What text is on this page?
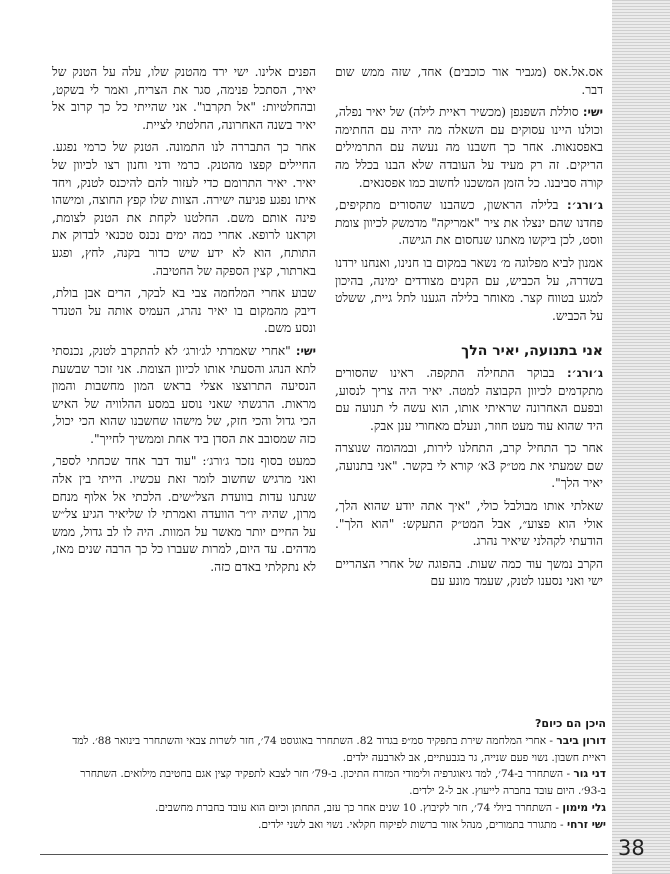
אס.אל.אס (מגביר אור כוכבים) אחד, שזה ממש שום דבר.

ישי: סוללת השפנפן (מכשיר ראיית לילה) של יאיר נפלה, וכולנו היינו עסוקים עם השאלה מה יהיה עם החתימה באפסנאות. אחר כך חשבנו מה נעשה עם התרמילים הריקים. זה רק מעיד על העובדה שלא הבנו בכלל מה קורה סביבנו. כל הזמן המשכנו לחשוב כמו אפסנאים.

ג׳ורג׳: בלילה הראשון, כשהבנו שהסורים מתקיפים, פחדנו שהם ינצלו את ציר "אמריקה" מדמשק לכיוון צומת ווסט, לכן ביקשו מאתנו שנחסום את הגישה.

אמנון לביא מפלוגה מ׳ נשאר במקום בו חנינו, ואנחנו ירדנו בשדרה, על הכביש, עם הקנים מצודדים ימינה, בהיכון למגע בטווח קצר. מאוחר בלילה הגענו לתל גיית, ששלט על הכביש.

אני בתנועה, יאיר הלך

ג׳ורג׳: בבוקר התחילה התקפה. ראינו שהסורים מתקדמים לכיוון הקבוצה למטה. יאיר היה צריך לנסוע, ובפעם האחרונה שראיתי אותו, הוא עשה לי תנועה עם היד שהוא עוד מעט חוזר, ונעלם מאחורי ענן אבק.

אחר כך התחיל קרב, התחלנו לירות, ובמהומה שנוצרה שם שמעתי את מט״ק 3א׳ קורא לי בקשר. "אני בתנועה, יאיר הלך".

שאלתי אותו מבולבל כולי, "איך אתה יודע שהוא הלך, אולי הוא פצוע״, אבל המט״ק התעקש: "הוא הלך". הודעתי לקהלני שיאיר נהרג.

הקרב נמשך עוד כמה שעות. בהפוגה של אחרי הצהריים ישי ואני נסענו לטנק, שעמד מונע עם

הפנים אלינו. ישי ירד מהטנק שלו, עלה על הטנק של יאיר, הסתכל פנימה, סגר את הצריח, ואמר לי בשקט, ובהחלטיות: "אל תקרבו". אני שהייתי כל כך קרוב אל יאיר בשנה האחרונה, החלטתי לציית.

אחר כך התבררה לנו התמונה. הטנק של כרמי נפגע. החיילים קפצו מהטנק. כרמי ודני וחנון רצו לכיוון של יאיר. יאיר התרומם כדי לעזור להם להיכנס לטנק, ויחד איתו נפגע פגיעה ישירה. הצוות שלו קפץ החוצה, ומישהו פינה אותם משם. החלטנו לקחת את הטנק לצומת, וקראנו לרופא. אחרי כמה ימים נכנס טכנאי לבדוק את התותח, הוא לא ידע שיש כדור בקנה, לחץ, ופגע בארתור, קצין הספקה של החטיבה.

שבוע אחרי המלחמה צבי בא לבקר, הרים אבן בולת, דיבק מהמקום בו יאיר נהרג, העמיס אותה על הטנדר ונסע משם.

ישי: "אחרי שאמרתי לג׳ורג׳ לא להתקרב לטנק, נכנסתי לתא הנהג והסעתי אותו לכיוון הצומת. אני זוכר שבשעת הנסיעה התרוצצו אצלי בראש המון מחשבות והמון מראות. הרגשתי שאני נוסע במסע ההלוויה של האיש הכי גדול והכי חזק, של מישהו שחשבנו שהוא הכי יכול, כזה שמסובב את הסדן ביד אחת וממשיך לחייך".

כמעט בסוף נזכר ג׳ורג׳: "עוד דבר אחד שכחתי לספר, ואני מרגיש שחשוב לומר זאת עכשיו. הייתי בין אלה שנתנו עדות בוועדת הצל״שים. הלכתי אל אלוף מנחם מרון, שהיה יו״ר הוועדה ואמרתי לו שליאיר הגיע צל״ש על החיים יותר מאשר על המוות. היה לו לב גדול, ממש מדהים. עד היום, למרות שעברו כל כך הרבה שנים מאז, לא נתקלתי באדם כזה.

היכן הם כיום?
דורון ביבר - אחרי המלחמה שירת בתפקיד סמ״פ בגדוד 82. השתחרר באוגוסט 74׳, חזר לשרות צבאי והשתחרר בינואר 88׳. למד ראיית חשבון. נשוי פעם שנייה, גר בגבעתיים, אב לארבעה ילדים.
דני גור - השתחרר ב-74׳, למד גיאוגרפיה ולימודי המזרח התיכון. ב-79׳ חזר לצבא לתפקיד קצין אגם בחטיבת מילואים. השתחרר ב-93׳. היום עובד בחברה לייעוץ. אב ל-2 ילדים.
גלי מימון - השתחרר ביולי 74׳, חזר לקיבוץ. 10 שנים אחר כך עזב, התחתן וכיום הוא עובד בחברת מחשבים.
ישי זרחי - מתגורר בתמורים, מנהל אזור ברשות לפיקוח חקלאי. נשוי ואב לשני ילדים.
38
